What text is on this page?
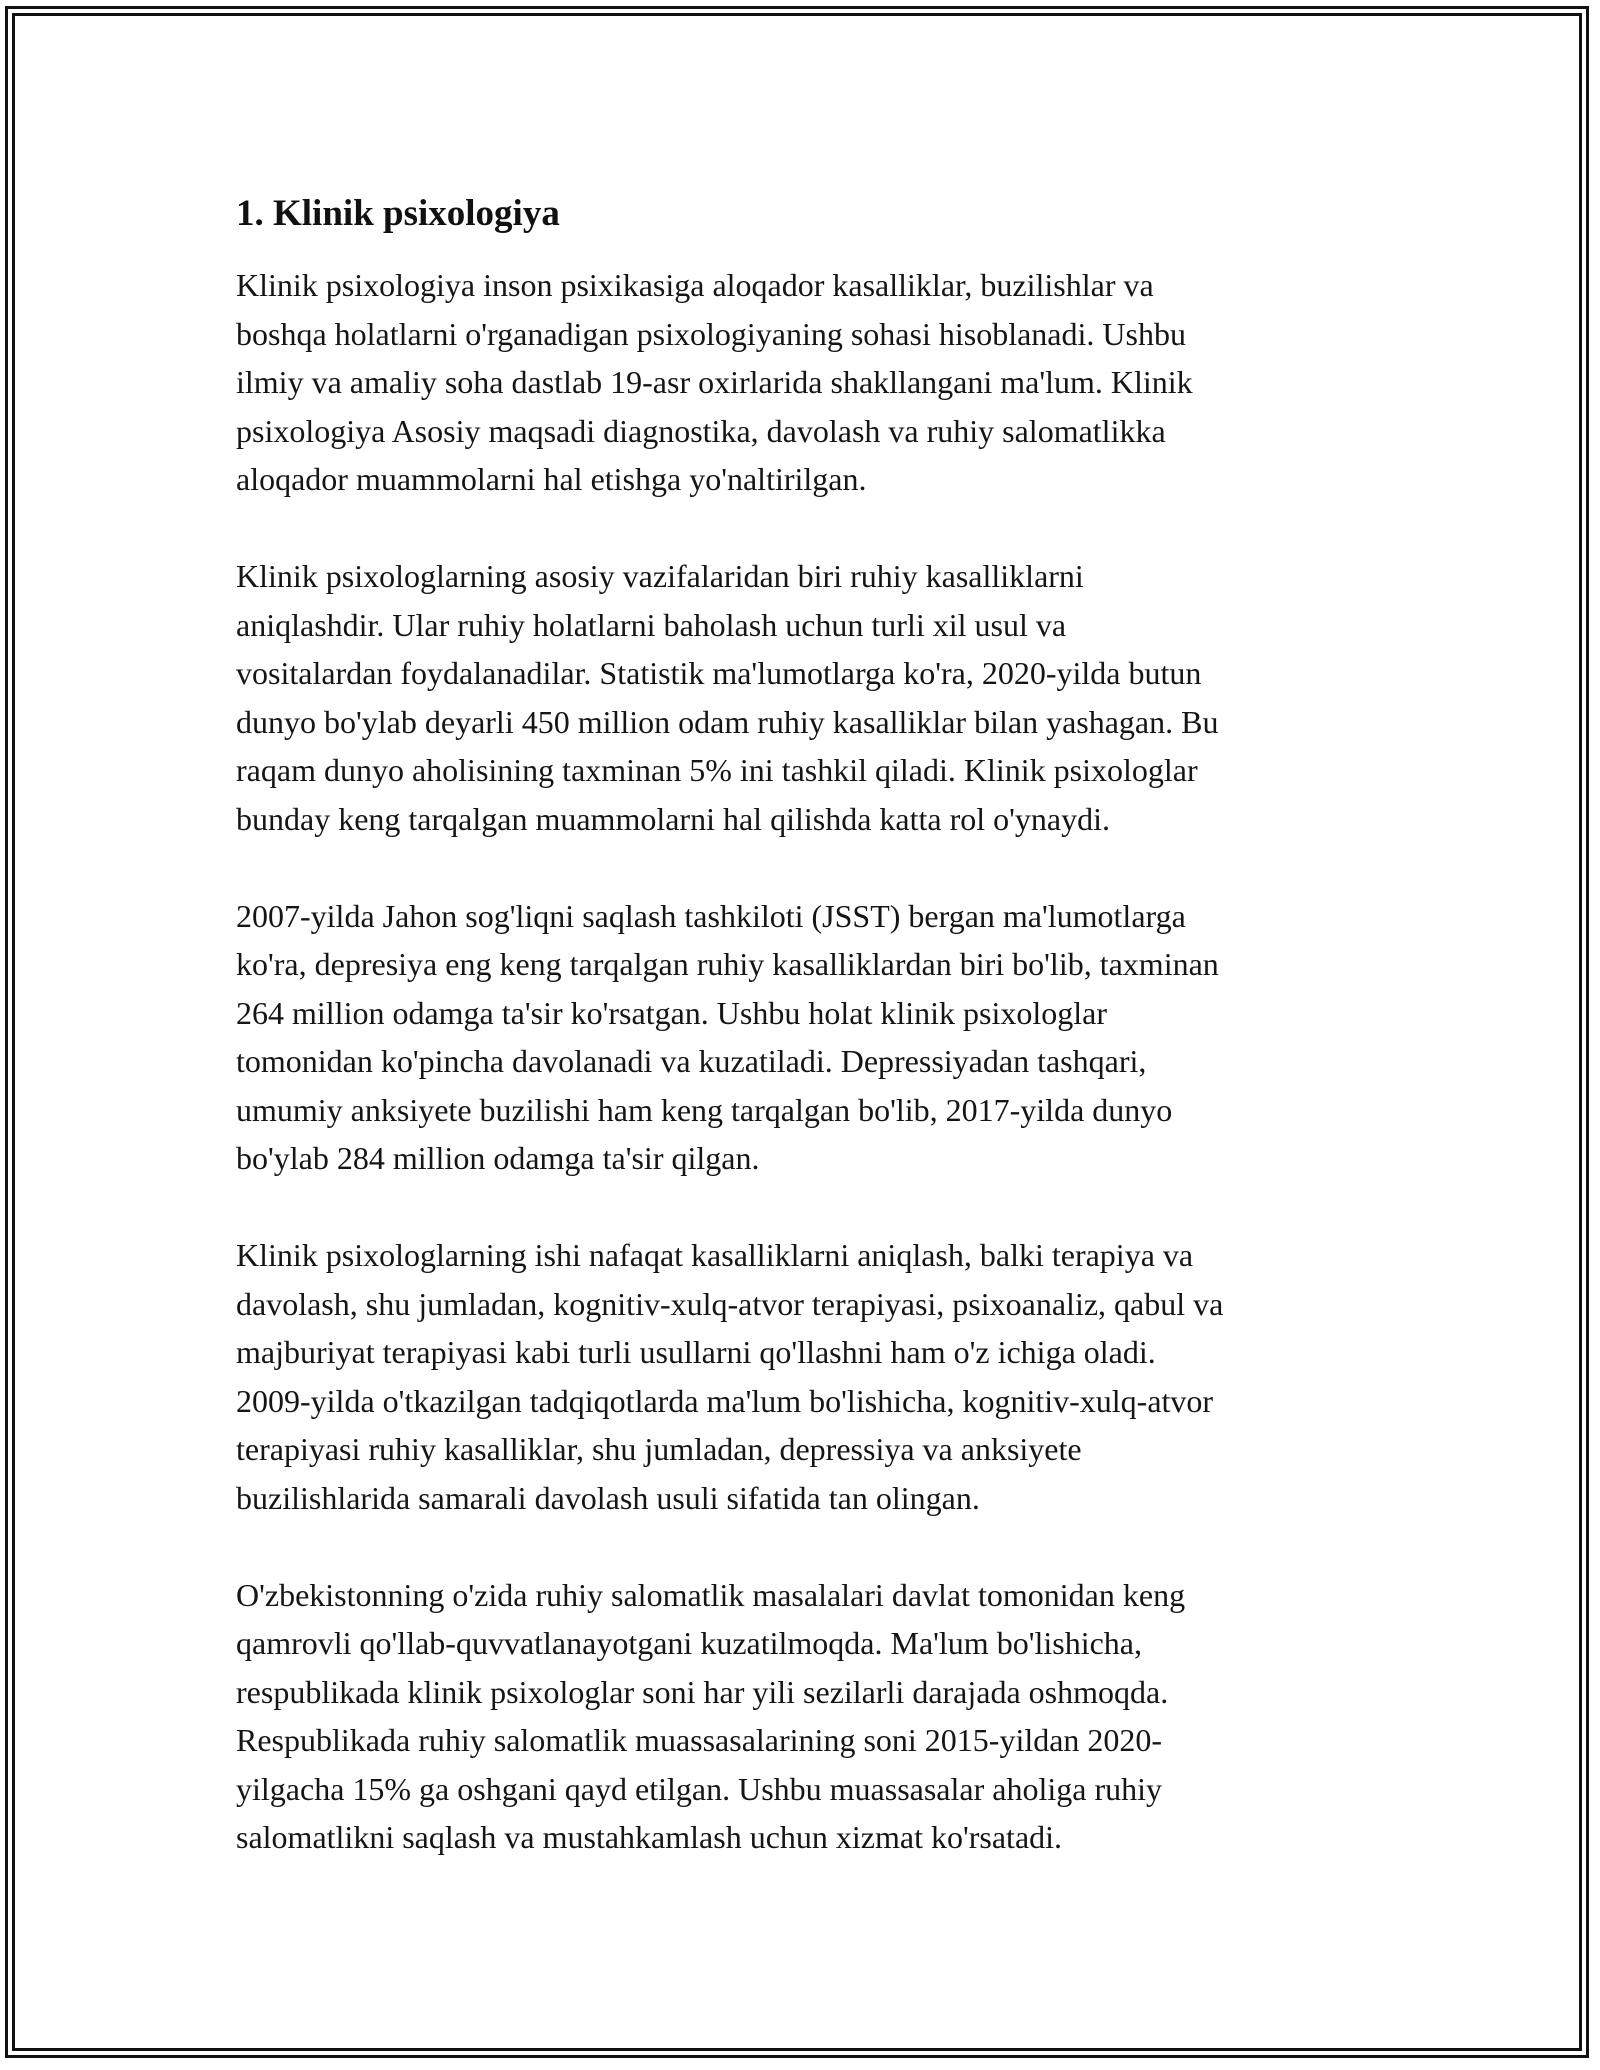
1. Klinik psixologiya
Klinik psixologiya inson psixikasiga aloqador kasalliklar, buzilishlar va
boshqa holatlarni o'rganadigan psixologiyaning sohasi hisoblanadi. Ushbu
ilmiy va amaliy soha dastlab 19-asr oxirlarida shakllangani ma'lum. Klinik
psixologiya Asosiy maqsadi diagnostika, davolash va ruhiy salomatlikka
aloqador muammolarni hal etishga yo'naltirilgan.
Klinik psixologlarning asosiy vazifalaridan biri ruhiy kasalliklarni
aniqlashdir. Ular ruhiy holatlarni baholash uchun turli xil usul va
vositalardan foydalanadilar. Statistik ma'lumotlarga ko'ra, 2020-yilda butun
dunyo bo'ylab deyarli 450 million odam ruhiy kasalliklar bilan yashagan. Bu
raqam dunyo aholisining taxminan 5% ini tashkil qiladi. Klinik psixologlar
bunday keng tarqalgan muammolarni hal qilishda katta rol o'ynaydi.
2007-yilda Jahon sog'liqni saqlash tashkiloti (JSST) bergan ma'lumotlarga
ko'ra, depresiya eng keng tarqalgan ruhiy kasalliklardan biri bo'lib, taxminan
264 million odamga ta'sir ko'rsatgan. Ushbu holat klinik psixologlar
tomonidan ko'pincha davolanadi va kuzatiladi. Depressiyadan tashqari,
umumiy anksiyete buzilishi ham keng tarqalgan bo'lib, 2017-yilda dunyo
bo'ylab 284 million odamga ta'sir qilgan.
Klinik psixologlarning ishi nafaqat kasalliklarni aniqlash, balki terapiya va
davolash, shu jumladan, kognitiv-xulq-atvor terapiyasi, psixoanaliz, qabul va
majburiyat terapiyasi kabi turli usullarni qo'llashni ham o'z ichiga oladi.
2009-yilda o'tkazilgan tadqiqotlarda ma'lum bo'lishicha, kognitiv-xulq-atvor
terapiyasi ruhiy kasalliklar, shu jumladan, depressiya va anksiyete
buzilishlarida samarali davolash usuli sifatida tan olingan.
O'zbekistonning o'zida ruhiy salomatlik masalalari davlat tomonidan keng
qamrovli qo'llab-quvvatlanayotgani kuzatilmoqda. Ma'lum bo'lishicha,
respublikada klinik psixologlar soni har yili sezilarli darajada oshmoqda.
Respublikada ruhiy salomatlik muassasalarining soni 2015-yildan 2020-
yilgacha 15% ga oshgani qayd etilgan. Ushbu muassasalar aholiga ruhiy
salomatlikni saqlash va mustahkamlash uchun xizmat ko'rsatadi.
